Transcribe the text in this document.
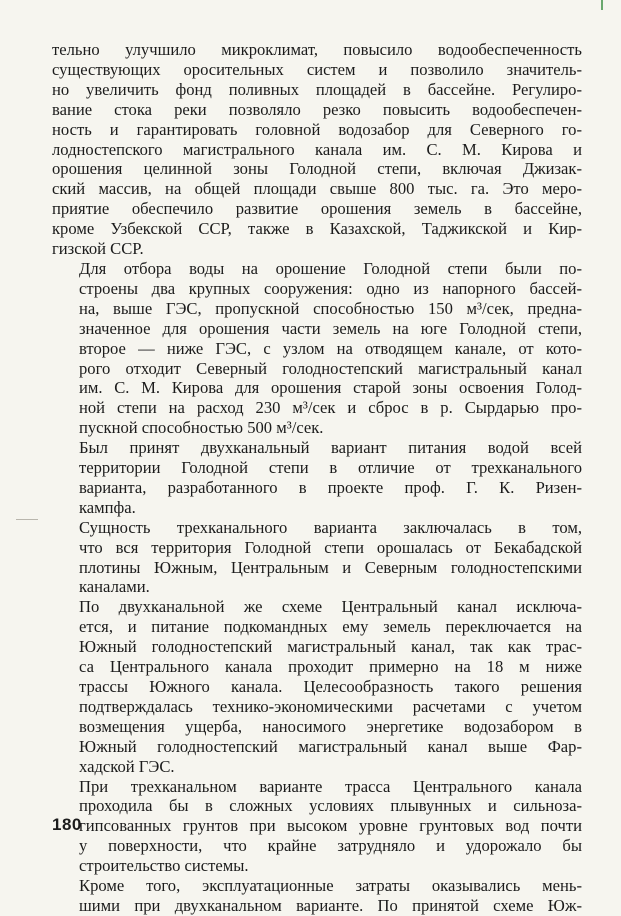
тельно улучшило микроклимат, повысило водообеспеченность
существующих оросительных систем и позволило значитель-
но увеличить фонд поливных площадей в бассейне. Регулиро-
вание стока реки позволяло резко повысить водообеспечен-
ность и гарантировать головной водозабор для Северного го-
лодностепского магистрального канала им. С. М. Кирова и
орошения целинной зоны Голодной степи, включая Джизак-
ский массив, на общей площади свыше 800 тыс. га. Это меро-
приятие обеспечило развитие орошения земель в бассейне,
кроме Узбекской ССР, также в Казахской, Таджикской и Кир-
гизской ССР.

Для отбора воды на орошение Голодной степи были по-
строены два крупных сооружения: одно из напорного бассей-
на, выше ГЭС, пропускной способностью 150 м³/сек, предна-
значенное для орошения части земель на юге Голодной степи,
второе — ниже ГЭС, с узлом на отводящем канале, от кото-
рого отходит Северный голодностепский магистральный канал
им. С. М. Кирова для орошения старой зоны освоения Голод-
ной степи на расход 230 м³/сек и сброс в р. Сырдарью про-
пускной способностью 500 м³/сек.

Был принят двухканальный вариант питания водой всей
территории Голодной степи в отличие от трехканального
варианта, разработанного в проекте проф. Г. К. Ризен-
кампфа.

Сущность трехканального варианта заключалась в том,
что вся территория Голодной степи орошалась от Бекабадской
плотины Южным, Центральным и Северным голодностепскими
каналами.

По двухканальной же схеме Центральный канал исключа-
ется, и питание подкомандных ему земель переключается на
Южный голодностепский магистральный канал, так как трас-
са Центрального канала проходит примерно на 18 м ниже
трассы Южного канала. Целесообразность такого решения
подтверждалась технико-экономическими расчетами с учетом
возмещения ущерба, наносимого энергетике водозабором в
Южный голодностепский магистральный канал выше Фар-
хадской ГЭС.

При трехканальном варианте трасса Центрального канала
проходила бы в сложных условиях плывунных и сильноза-
гипсованных грунтов при высоком уровне грунтовых вод почти
у поверхности, что крайне затрудняло и удорожало бы
строительство системы.

Кроме того, эксплуатационные затраты оказывались мень-
шими при двухканальном варианте. По принятой схеме Юж-

180
